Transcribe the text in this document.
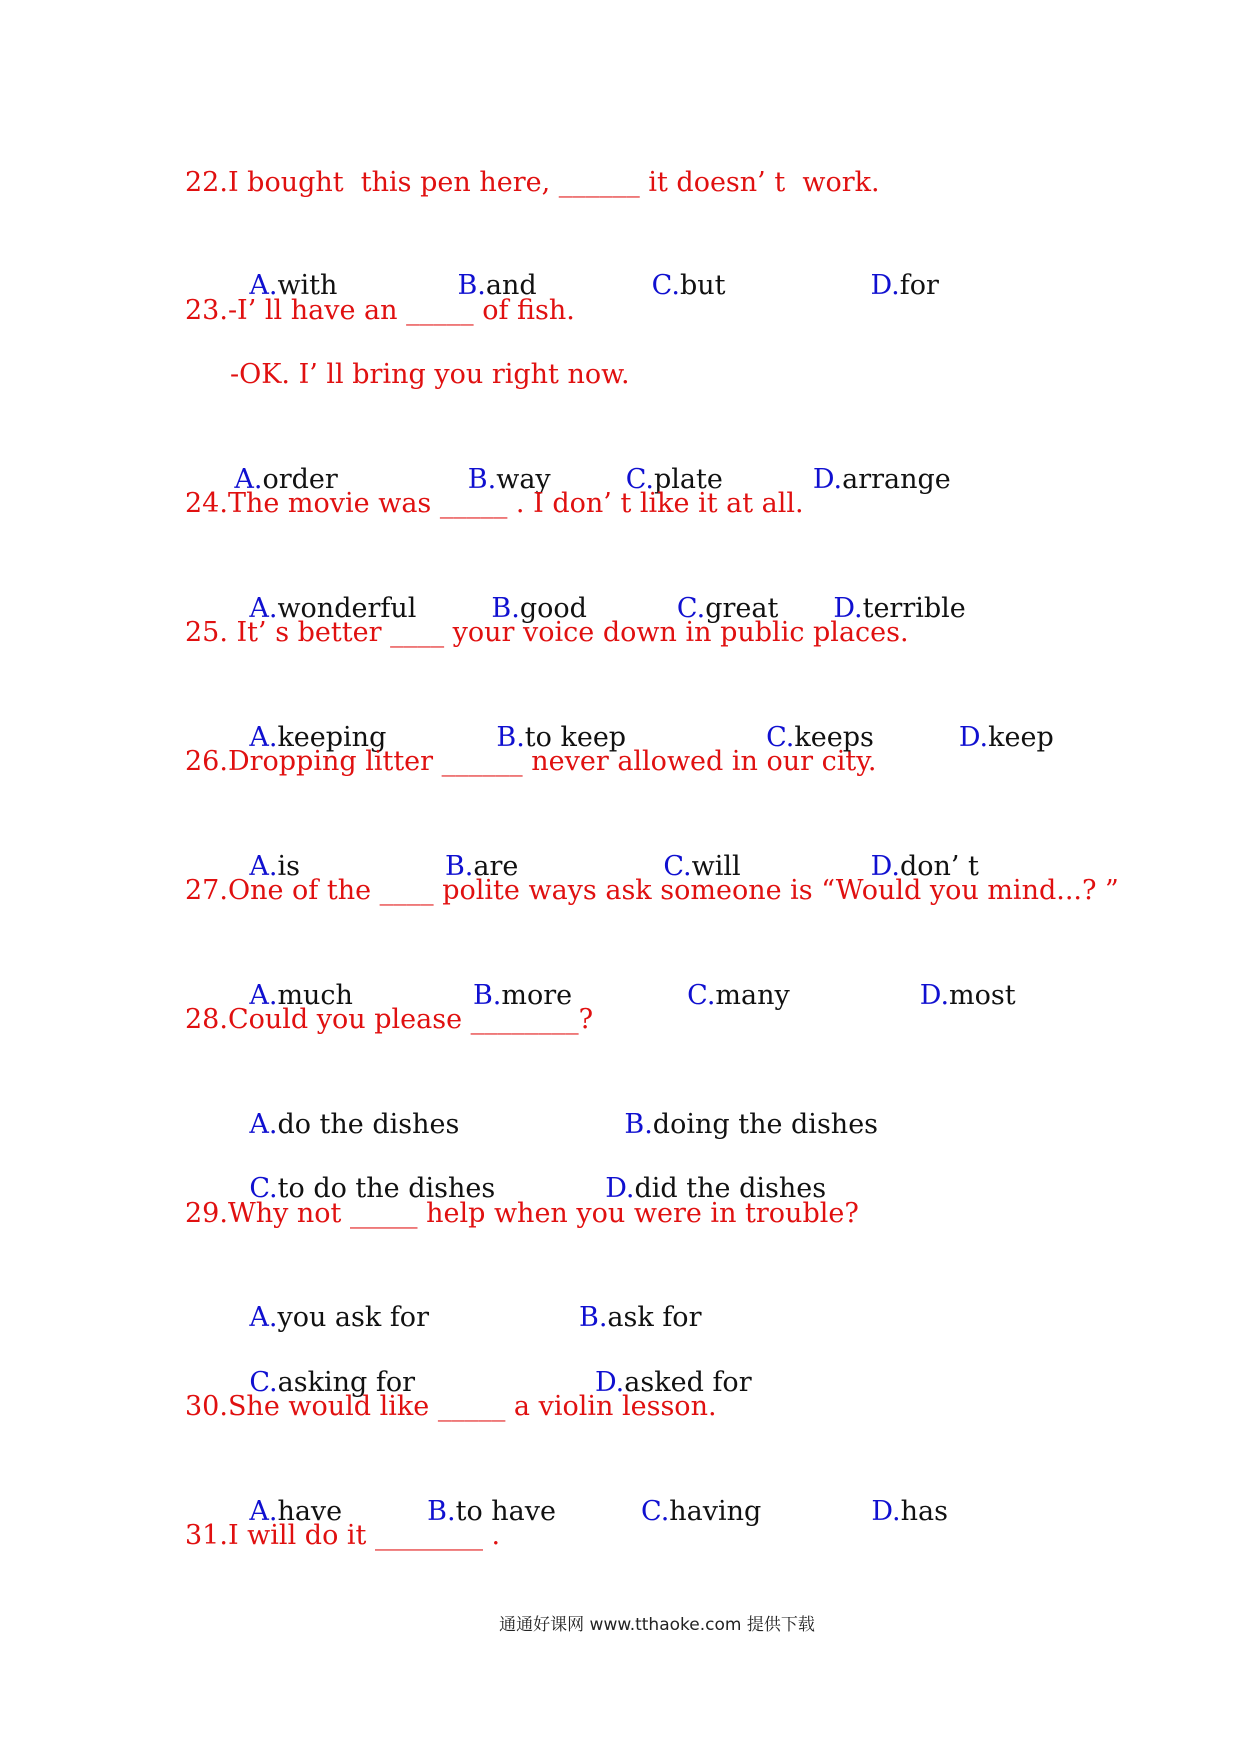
22.I bought  this pen here, ______ it doesn’ t  work.

A.with	B.and	C.but	D.for

23.-I’ ll have an _____ of fish.
-OK. I’ ll bring you right now.

A.order	B.way	C.plate	D.arrange

24.The movie was _____ . I don’ t like it at all.

A.wonderful	B.good	C.great D.terrible

25. It’ s better ____ your voice down in public places.

A.keeping	B.to keep	C.keeps	D.keep

26.Dropping litter ______ never allowed in our city.

A.is	B.are	C.will	D.don’ t

27.One of the ____ polite ways ask someone is “Would you mind...? ”

A.much	B.more	C.many	D.most

28.Could you please ________?

A.do the dishes	B.doing the dishes

C.to do the dishes	D.did the dishes

29.Why not _____ help when you were in trouble?

A.you ask for	B.ask for

C.asking for	D.asked for

30.She would like _____ a violin lesson.

A.have	B.to have	C.having	D.has

31.I will do it ________ .
通通好课网 www.tthaoke.com 提供下载
